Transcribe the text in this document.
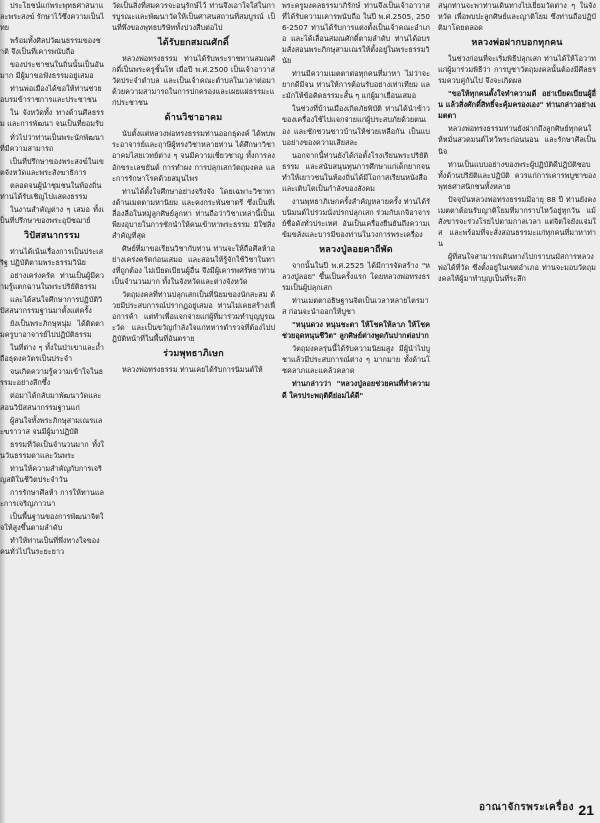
ประโยชน์แก่พระพุทธศาสนาและพระสงฆ์ รักษาไว้ซึ่งความเป็นไทย

พร้อมทั้งศิลปวัฒนธรรมของชาติ จึงเป็นที่เคารพนับถือ

ของประชาชนในถิ่นนั้นเป็นอันมาก มีผู้มาขอฟังธรรมอยู่เสมอ

ท่านพ่อเมืองได้ขอให้ท่านช่วยอบรมข้าราชการและประชาชน

ใน จังหวัดทั้ง ทางด้านศีลธรรม และการพัฒนา จนเป็นที่ยอมรับ

ทั่วไปว่าท่านเป็นพระนักพัฒนาที่มีความสามารถ

เป็นที่ปรึกษาของพระสงฆ์ในเขตจังหวัดและพระสังฆาธิการ

ตลอดจนผู้นำชุมชนในท้องถิ่น ท่านได้รับเชิญไปแสดงธรรม

ในงานสำคัญต่าง ๆ เสมอ ทั้งเป็นที่ปรึกษาของพระอุปัชฌาย์

วิปัสสนากรรม

ท่านได้เน้นเรื่องการเป็นประเสริฐ ปฏิบัติตามพระธรรมวินัย

อย่างเคร่งครัด ท่านเป็นผู้มีความรู้แตกฉานในพระปริยัติธรรม

และได้สนใจศึกษาการปฏิบัติวิปัสสนากรรมฐานมาตั้งแต่ครั้ง

ยังเป็นพระภิกษุหนุ่ม ได้ติดตามครูบาอาจารย์ไปปฏิบัติธรรม

ในที่ต่าง ๆ ทั้งในป่าเขาและถ้ำ ถือธุดงควัตรเป็นประจำ

จนเกิดความรู้ความเข้าใจในธรรมะอย่างลึกซึ้ง

ต่อมาได้กลับมาพัฒนาวัดและสอนวิปัสสนากรรมฐานแก่

ผู้สนใจทั้งพระภิกษุสามเณรและฆราวาส จนมีผู้มาปฏิบัติ

ธรรมที่วัดเป็นจำนวนมาก ทั้งในวันธรรมดาและวันพระ

ท่านให้ความสำคัญกับการเจริญสติในชีวิตประจำวัน

การรักษาศีลห้า การให้ทานและการเจริญภาวนา

เป็นพื้นฐานของการพัฒนาจิตใจให้สูงขึ้นตามลำดับ

ทำให้ท่านเป็นที่พึ่งทางใจของคนทั่วไปในระยะยาว

วัดเป็นสิ่งที่สมควรจะอนุรักษ์ไว้ ท่านจึงเอาใจใส่ในการบูรณะและพัฒนาวัดให้เป็นศาสนสถานที่สมบูรณ์ เป็นที่พึ่งของพุทธบริษัททั้งปวงสืบต่อไป

ได้รับยกสมณศักดิ์

หลวงพ่อทรงธรรม ท่านได้รับพระราชทานสมณศักดิ์เป็นพระครูชั้นโท เมื่อปี พ.ศ.2500 เป็นเจ้าอาวาสวัดประจำตำบล และเป็นเจ้าคณะตำบลในเวลาต่อมา ด้วยความสามารถในการปกครองและเผยแผ่ธรรมะแก่ประชาชน

ด้านวิชาอาคม

นับตั้งแต่หลวงพ่อทรงธรรมท่านออกธุดงค์ ได้พบพระอาจารย์และฤาษีผู้ทรงวิชาหลายท่าน ได้ศึกษาวิชาอาคมไสยเวทย์ต่าง ๆ จนมีความเชี่ยวชาญ ทั้งการลงอักขระเลขยันต์ การทำผง การปลุกเสกวัตถุมงคล และการรักษาโรคด้วยสมุนไพร

ท่านได้ตั้งใจศึกษาอย่างจริงจัง โดยเฉพาะวิชาทางด้านเมตตามหานิยม และคงกระพันชาตรี ซึ่งเป็นที่เลื่องลือในหมู่ลูกศิษย์ลูกหา ท่านถือว่าวิชาเหล่านี้เป็นเพียงอุบายในการชักนำให้คนเข้าหาพระธรรม มิใช่สิ่งสำคัญที่สุด

ศิษย์ที่มาขอเรียนวิชากับท่าน ท่านจะให้ถือศีลห้าอย่างเคร่งครัดก่อนเสมอ และสอนให้รู้จักใช้วิชาในทางที่ถูกต้อง ไม่เบียดเบียนผู้อื่น จึงมีผู้เคารพศรัทธาท่านเป็นจำนวนมาก ทั้งในจังหวัดและต่างจังหวัด

วัตถุมงคลที่ท่านปลุกเสกเป็นที่นิยมของนักสะสม ด้วยมีประสบการณ์ปรากฏอยู่เสมอ ท่านไม่เคยสร้างเพื่อการค้า แต่ทำเพื่อแจกจ่ายแก่ผู้ที่มาร่วมทำบุญบูรณะวัด และเป็นขวัญกำลังใจแก่ทหารตำรวจที่ต้องไปปฏิบัติหน้าที่ในพื้นที่อันตราย

ร่วมพุทธาภิเษก

หลวงพ่อทรงธรรม ท่านเคยได้รับการนิมนต์ให้

พระครูมงคลธรรมาภิรักษ์ ท่านจึงเป็นเจ้าอาวาสที่ได้รับความเคารพนับถือ ในปี พ.ศ.2505, 2506-2507 ท่านได้รับการแต่งตั้งเป็นเจ้าคณะอำเภอ และได้เลื่อนสมณศักดิ์ตามลำดับ ท่านได้อบรมสั่งสอนพระภิกษุสามเณรให้ตั้งอยู่ในพระธรรมวินัย

ท่านมีความเมตตาต่อทุกคนที่มาหา ไม่ว่าจะยากดีมีจน ท่านให้การต้อนรับอย่างเท่าเทียม และมักให้ข้อคิดธรรมะสั้น ๆ แก่ผู้มาเยือนเสมอ

ในช่วงที่บ้านเมืองเกิดภัยพิบัติ ท่านได้นำข้าวของเครื่องใช้ไปแจกจ่ายแก่ผู้ประสบภัยด้วยตนเอง และชักชวนชาวบ้านให้ช่วยเหลือกัน เป็นแบบอย่างของความเสียสละ

นอกจากนี้ท่านยังได้ก่อตั้งโรงเรียนพระปริยัติธรรม และสนับสนุนทุนการศึกษาแก่เด็กยากจน ทำให้เยาวชนในท้องถิ่นได้มีโอกาสเรียนหนังสือ และเติบโตเป็นกำลังของสังคม

งานพุทธาภิเษกครั้งสำคัญหลายครั้ง ท่านได้รับนิมนต์ไปร่วมนั่งปรกปลุกเสก ร่วมกับเกจิอาจารย์ชื่อดังทั่วประเทศ อันเป็นเครื่องยืนยันถึงความเข้มขลังและบารมีของท่านในวงการพระเครื่อง

หลวงปู่ลอยคาถีพัด

จากนั้นในปี พ.ศ.2525 ได้มีการจัดสร้าง "หลวงปู่ลอย" ขึ้นเป็นครั้งแรก โดยหลวงพ่อทรงธรรมเป็นผู้ปลุกเสก

ท่านเมตตาอธิษฐานจิตเป็นเวลาหลายไตรมาส ก่อนจะนำออกให้บูชา

"หนุนดวง หนุนชะตา ให้โชคให้ลาภ ให้โชค ช่วยอุดหนุนชีวิต" ลูกศิษย์ต่างพูดกันปากต่อปาก

วัตถุมงคลรุ่นนี้ได้รับความนิยมสูง มีผู้นำไปบูชาแล้วมีประสบการณ์ต่าง ๆ มากมาย ทั้งด้านโชคลาภและแคล้วคลาด

ท่านกล่าวว่า "หลวงปู่ลอยช่วยคนที่ทำความดี ใครประพฤติดีย่อมได้ดี"

สนุกท่านจะพาท่านเดินทางไปเยี่ยมวัดต่าง ๆ ในจังหวัด เพื่อพบปะลูกศิษย์และญาติโยม ซึ่งท่านถือปฏิบัติมาโดยตลอด

หลวงพ่อฝากบอกทุกคน

ในช่วงก่อนที่จะเริ่มพิธีปลุกเสก ท่านได้ให้โอวาทแก่ผู้มาร่วมพิธีว่า การบูชาวัตถุมงคลนั้นต้องมีศีลธรรมควบคู่กันไป จึงจะเกิดผล

"ขอให้ทุกคนตั้งใจทำความดี อย่าเบียดเบียนผู้อื่น แล้วสิ่งศักดิ์สิทธิ์จะคุ้มครองเอง" ท่านกล่าวอย่างเมตตา

หลวงพ่อทรงธรรมท่านยังฝากถึงลูกศิษย์ทุกคนให้หมั่นสวดมนต์ไหว้พระก่อนนอน และรักษาศีลเป็นนิจ

ท่านเป็นแบบอย่างของพระผู้ปฏิบัติดีปฏิบัติชอบ ทั้งด้านปริยัติและปฏิบัติ ควรแก่การเคารพบูชาของพุทธศาสนิกชนทั้งหลาย

ปัจจุบันหลวงพ่อทรงธรรมมีอายุ 88 ปี ท่านยังคงเมตตาต้อนรับญาติโยมที่มากราบไหว้อยู่ทุกวัน แม้สังขารจะร่วงโรยไปตามกาลเวลา แต่จิตใจยังแจ่มใส และพร้อมที่จะสั่งสอนธรรมะแก่ทุกคนที่มาหาท่าน

ผู้ที่สนใจสามารถเดินทางไปกราบนมัสการหลวงพ่อได้ที่วัด ซึ่งตั้งอยู่ในเขตอำเภอ ท่านจะมอบวัตถุมงคลให้ผู้มาทำบุญเป็นที่ระลึก

อาณาจักรพระเครื่อง 21
